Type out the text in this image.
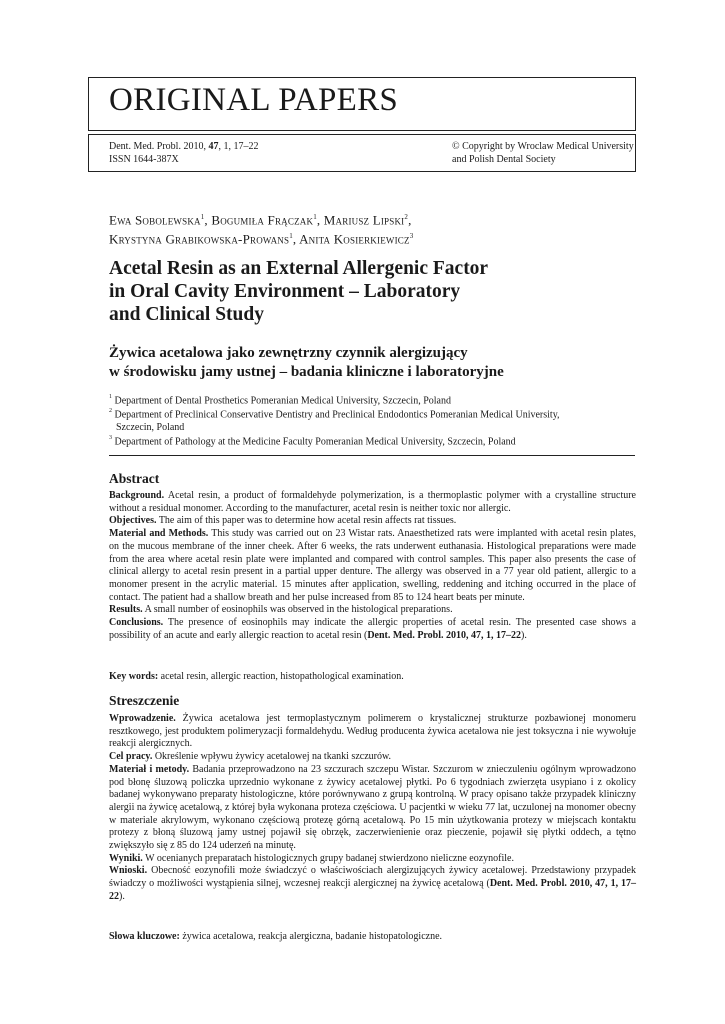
ORIGINAL PAPERS
Dent. Med. Probl. 2010, 47, 1, 17–22
ISSN 1644-387X
© Copyright by Wroclaw Medical University
and Polish Dental Society
Ewa Sobolewska$^1$, Bogumiła Frączak$^1$, Mariusz Lipski$^2$,
Krystyna Grabikowska-Prowans$^1$, Anita Kosierkiewicz$^3$
Acetal Resin as an External Allergenic Factor
in Oral Cavity Environment – Laboratory
and Clinical Study
Żywica acetalowa jako zewnętrzny czynnik alergizujący
w środowisku jamy ustnej – badania kliniczne i laboratoryjne
$^1$ Department of Dental Prosthetics Pomeranian Medical University, Szczecin, Poland
$^2$ Department of Preclinical Conservative Dentistry and Preclinical Endodontics Pomeranian Medical University,
Szczecin, Poland
$^3$ Department of Pathology at the Medicine Faculty Pomeranian Medical University, Szczecin, Poland
Abstract

Background. Acetal resin, a product of formaldehyde polymerization, is a thermoplastic polymer with a crystalline structure without a residual monomer. According to the manufacturer, acetal resin is neither toxic nor allergic.

Objectives. The aim of this paper was to determine how acetal resin affects rat tissues.

Material and Methods. This study was carried out on 23 Wistar rats. Anaesthetized rats were implanted with acetal resin plates, on the mucous membrane of the inner cheek. After 6 weeks, the rats underwent euthanasia. Histological preparations were made from the area where acetal resin plate were implanted and compared with control samples. This paper also presents the case of clinical allergy to acetal resin present in a partial upper denture. The allergy was observed in a 77 year old patient, allergic to a monomer present in the acrylic material. 15 minutes after application, swelling, reddening and itching occurred in the place of contact. The patient had a shallow breath and her pulse increased from 85 to 124 heart beats per minute.

Results. A small number of eosinophils was observed in the histological preparations.

Conclusions. The presence of eosinophils may indicate the allergic properties of acetal resin. The presented case shows a possibility of an acute and early allergic reaction to acetal resin (Dent. Med. Probl. 2010, 47, 1, 17–22).

Key words: acetal resin, allergic reaction, histopathological examination.

Streszczenie

Wprowadzenie. Żywica acetalowa jest termoplastycznym polimerem o krystalicznej strukturze pozbawionej monomeru resztkowego, jest produktem polimeryzacji formaldehydu. Według producenta żywica acetalowa nie jest toksyczna i nie wywołuje reakcji alergicznych.

Cel pracy. Określenie wpływu żywicy acetalowej na tkanki szczurów.

Materiał i metody. Badania przeprowadzono na 23 szczurach szczepu Wistar. Szczurom w znieczuleniu ogólnym wprowadzono pod błonę śluzową policzka uprzednio wykonane z żywicy acetalowej płytki. Po 6 tygodniach zwierzęta usypiano i z okolicy badanej wykonywano preparaty histologiczne, które porównywano z grupą kontrolną. W pracy opisano także przypadek kliniczny alergii na żywicę acetalową, z której była wykonana proteza częściowa. U pacjentki w wieku 77 lat, uczulonej na monomer obecny w materiale akrylowym, wykonano częściową protezę górną acetalową. Po 15 min użytkowania protezy w miejscach kontaktu protezy z błoną śluzową jamy ustnej pojawił się obrzęk, zaczerwienienie oraz pieczenie, pojawił się płytki oddech, a tętno zwiększyło się z 85 do 124 uderzeń na minutę.

Wyniki. W ocenianych preparatach histologicznych grupy badanej stwierdzono nieliczne eozynofile.

Wnioski. Obecność eozynofili może świadczyć o właściwościach alergizujących żywicy acetalowej. Przedstawiony przypadek świadczy o możliwości wystąpienia silnej, wczesnej reakcji alergicznej na żywicę acetalową (Dent. Med. Probl. 2010, 47, 1, 17–22).

Słowa kluczowe: żywica acetalowa, reakcja alergiczna, badanie histopatologiczne.
